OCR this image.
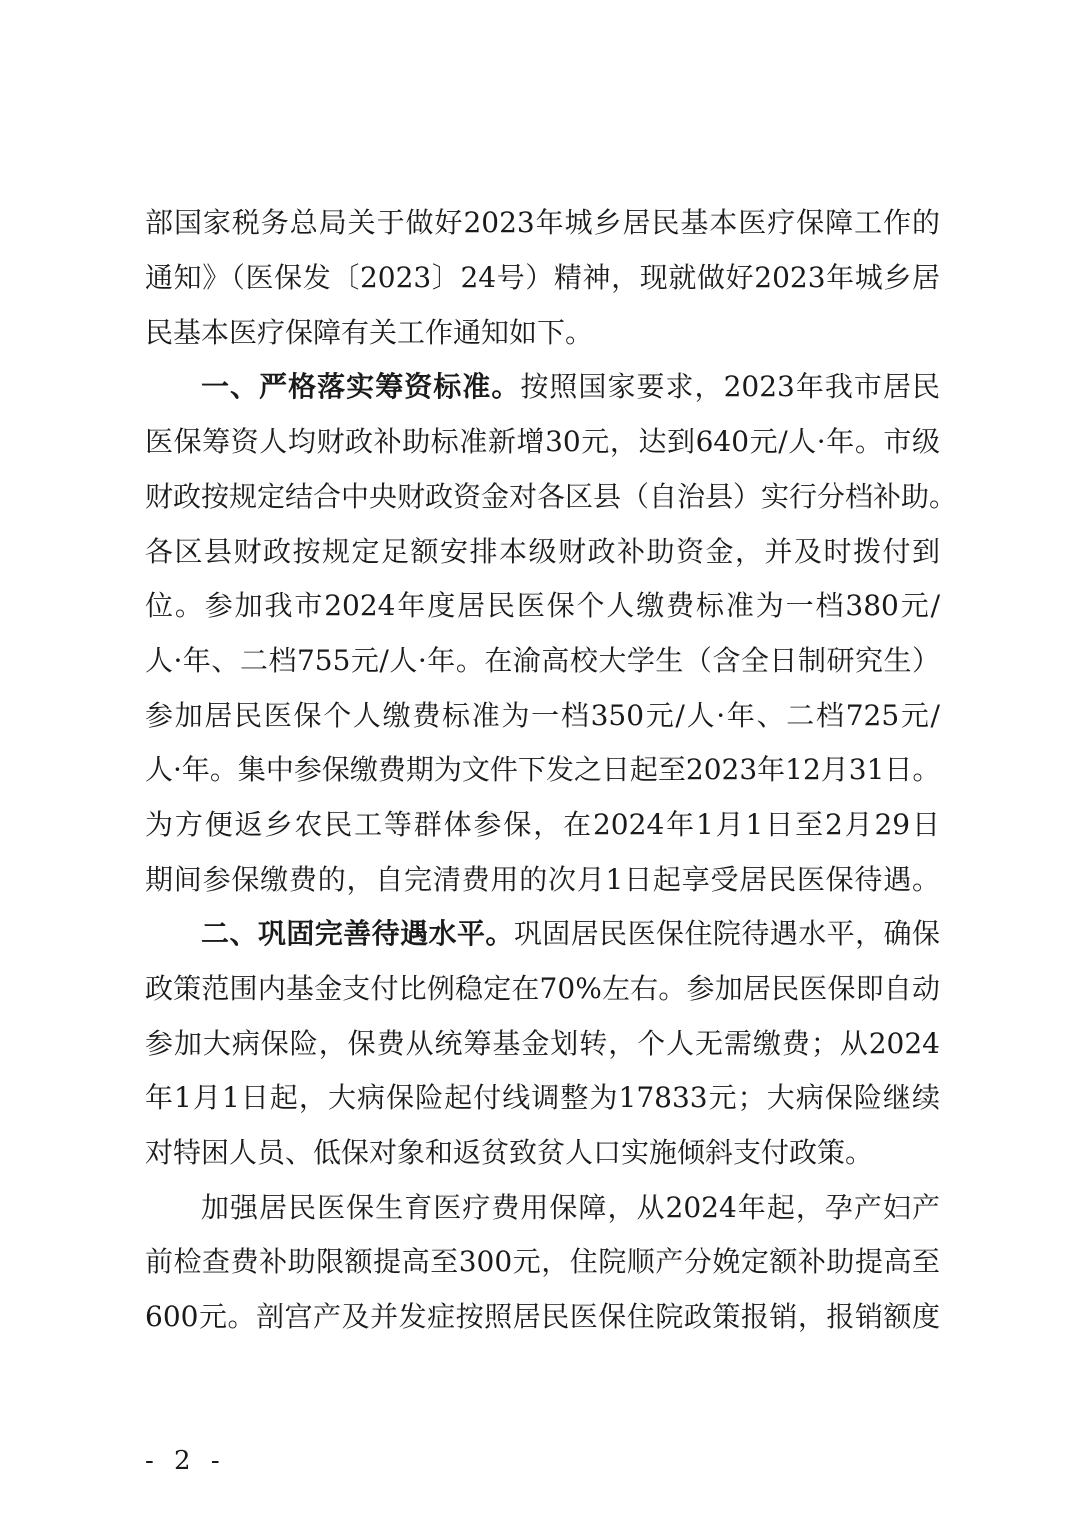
部国家税务总局关于做好2023年城乡居民基本医疗保障工作的
通知》（医保发〔2023〕24号）精神，现就做好2023年城乡居
民基本医疗保障有关工作通知如下。
一、严格落实筹资标准。按照国家要求，2023年我市居民
医保筹资人均财政补助标准新增30元，达到640元/人·年。市级
财政按规定结合中央财政资金对各区县（自治县）实行分档补助。
各区县财政按规定足额安排本级财政补助资金，并及时拨付到
位。参加我市2024年度居民医保个人缴费标准为一档380元/
人·年、二档755元/人·年。在渝高校大学生（含全日制研究生）
参加居民医保个人缴费标准为一档350元/人·年、二档725元/
人·年。集中参保缴费期为文件下发之日起至2023年12月31日。
为方便返乡农民工等群体参保，在2024年1月1日至2月29日
期间参保缴费的，自完清费用的次月1日起享受居民医保待遇。
二、巩固完善待遇水平。巩固居民医保住院待遇水平，确保
政策范围内基金支付比例稳定在70%左右。参加居民医保即自动
参加大病保险，保费从统筹基金划转，个人无需缴费；从2024
年1月1日起，大病保险起付线调整为17833元；大病保险继续
对特困人员、低保对象和返贫致贫人口实施倾斜支付政策。
加强居民医保生育医疗费用保障，从2024年起，孕产妇产
前检查费补助限额提高至300元，住院顺产分娩定额补助提高至
600元。剖宫产及并发症按照居民医保住院政策报销，报销额度
- 2 -
